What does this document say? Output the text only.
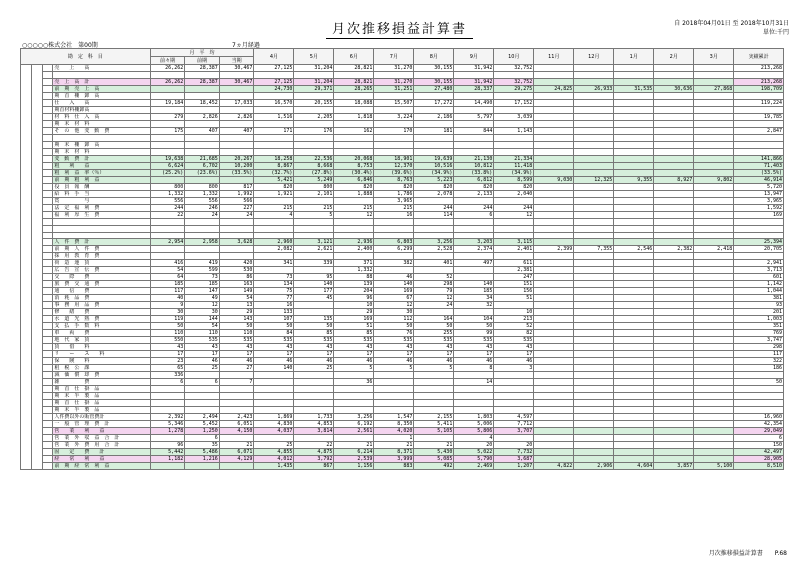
月次推移損益計算書	自 2018年04月01日 至 2018年10月31日
単位:千円
○○○○○株式会社　第00期	7ヵ月経過
勘　定　科　目				月　平　均			4月	5月	6月	7月	8月	9月	10月	11月	12月	1月	2月	3月	実績累計
				前々期	前期	当期													
			売　　上　　高	26,262	28,387	30,467	27,125	31,204	28,821	31,270	30,155	31,942	32,752						213,268

			売　上　高　計	26,262	28,387	30,467	27,125	31,204	28,821	31,270	30,155	31,942	32,752						213,268
			前　期　売　上　高				24,730	29,371	28,265	31,251	27,480	28,337	29,275	24,825	26,933	31,535	30,636	27,868	198,709
			期　首　棚　卸　高																
			仕　　入　　高	19,184	18,452	17,033	16,570	20,155	18,088	15,507	17,272	14,490	17,152						119,224
			期首材料棚卸高																
			材　料　仕　入　高	279	2,826	2,826	1,516	2,205	1,818	3,224	2,186	5,797	3,039						19,785
			期　末　材　料																
			そ　の　他　変　動　費	175	407	407	171	176	162	170	181	844	1,143						2,847

			期　末　棚　卸　高																
			期　末　材　料																
			変　動　費　計	19,638	21,685	20,267	18,258	22,536	20,068	18,901	19,639	21,130	21,334						141,866
			粗　　利　　益	6,624	6,702	10,200	8,867	8,668	8,753	12,370	10,516	10,812	11,418						71,403
			粗　利　益　率（％）	(25.2%)	(23.6%)	(33.5%)	(32.7%)	(27.8%)	(30.4%)	(39.6%)	(34.9%)	(33.8%)	(34.9%)						(33.5%)
			前　期　粗　利　益				5,421	5,249	6,846	8,763	5,223	6,812	8,599	9,030	12,325	9,355	8,927	9,802	46,914
			役　員　報　酬	800	800	817	820	800	820	820	820	820	820						5,720
			給　料　手　当	1,332	1,332	1,992	1,921	2,101	1,888	1,786	2,078	2,133	2,040						13,947
			賞　　　　　与	556	556	566				3,965									3,965
			法　定　福　利　費	244	246	227	215	215	215	215	244	244	244						1,592
			福　利　厚　生　費	22	24	24	4	5	12	16	114	6	12						169

			人　件　費　計	2,954	2,958	3,628	2,960	3,121	2,936	6,803	3,256	3,203	3,115						25,394
			前　期　人　件　費				2,082	2,621	2,400	6,299	2,528	2,374	2,401	2,399	7,355	2,546	2,382	2,418	20,705
			採　用　教　育　費																
			荷　造　運　賃	416	419	420	341	339	371	382	401	497	611						2,941
			広　告　宣　伝　費	54	599	530			1,332				2,381						3,713
			交　　際　　費	64	73	86	73	95	88	46	52		247						601
			旅　費　交　通　費	185	185	163	134	140	139	140	298	140	151						1,142
			通　　信　　費	117	147	149	75	177	204	169	79	185	156						1,044
			消　耗　品　費	40	49	54	77	45	96	67	12	34	51						381
			事　務　用　品　費	9	12	13	16		10	12	24	32							93
			修　　繕　　費	30	30	29	133		29	30			10						201
			水　道　光　熱　費	119	144	143	107	135	169	112	164	104	213						1,003
			支　払　手　数　料	50	54	50	50	50	51	50	50	50	52						351
			車　　両　　費	110	110	110	84	85	85	76	255	99	82						769
			地　代　家　賃	550	535	535	535	535	535	535	535	535	535						3,747
			賃　　借　　料	43	43	43	43	43	43	43	43	43	43						298
			リ　　ー　　ス　　料	17	17	17	17	17	17	17	17	17	17						117
			保　　険　　料	23	46	46	46	46	46	46	46	46	46						322
			租　税　公　課	65	25	27	140	25	5	5	5	8	3						186
			減　価　償　却　費	336															
			雑　　　　　費	6	6	7			36			14							50
			期　首　仕　掛　品																
			期　末　半　製　品																
			期　首　仕　掛　品																
			期　末　半　製　品																
			人件費以外の販管費計	2,392	2,494	2,423	1,869	1,733	3,256	1,547	2,155	1,803	4,597						16,960
			一　般　管　理　費　計	5,346	5,452	6,051	4,830	4,853	6,192	8,350	5,411	5,006	7,712						42,354
			営　　業　　利　　益	1,278	1,250	4,150	4,037	3,814	2,561	4,020	5,105	5,806	3,707						29,049
			営　業　外　収　益　合　計		6					1		4							6
			営　業　外　費　用　合　計	96	35	21	25	22	21	21	21	20	20						150
			固　　定　　費　　計	5,442	5,486	6,071	4,855	4,875	6,214	8,371	5,430	5,022	7,732						42,497
			経　　常　　利　　益	1,182	1,216	4,129	4,012	3,792	2,539	3,999	5,085	5,790	3,687						28,905
			前　期　経　常　利　益				1,435	867	1,156	883	492	2,469	1,207	4,822	2,906	4,604	3,857	5,100	8,510
月次推移損益計算書　　P.68
